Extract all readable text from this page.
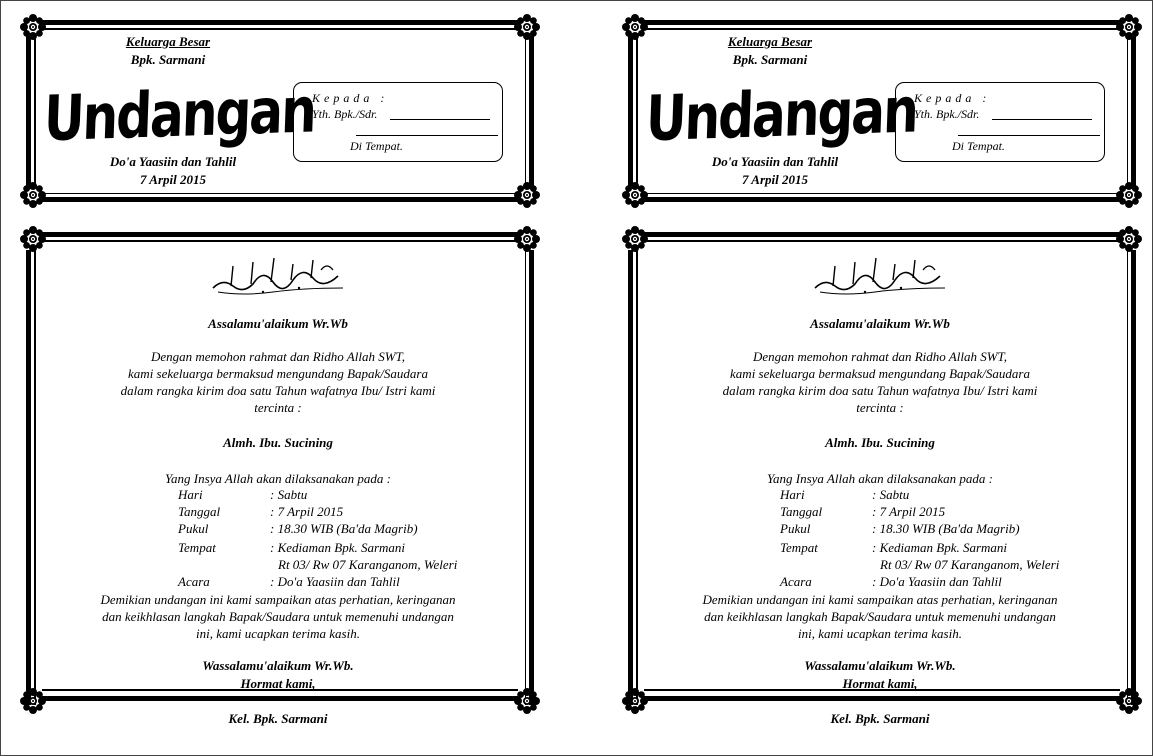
Keluarga Besar
Bpk. Sarmani
Undangan
Do'a Yaasiin dan Tahlil
7 Arpil 2015
Kepada :
Yth. Bpk./Sdr.
Di Tempat.
Assalamu'alaikum Wr.Wb
Dengan memohon rahmat dan Ridho Allah SWT,
kami sekeluarga bermaksud mengundang Bapak/Saudara
dalam rangka kirim doa satu Tahun wafatnya Ibu/ Istri kami
tercinta :
Almh. Ibu. Sucining
Yang Insya Allah akan dilaksanakan pada :
Hari	: Sabtu
Tanggal	: 7 Arpil 2015
Pukul	: 18.30 WIB (Ba'da Magrib)
Tempat	: Kediaman Bpk. Sarmani
Rt 03/ Rw 07 Karanganom, Weleri
Acara	: Do'a Yaasiin dan Tahlil
Demikian undangan ini kami sampaikan atas perhatian, keringanan
dan keikhlasan langkah Bapak/Saudara untuk memenuhi undangan
ini, kami ucapkan terima kasih.
Wassalamu'alaikum Wr.Wb.
Hormat kami,
Kel. Bpk. Sarmani
Keluarga Besar
Bpk. Sarmani
Undangan
Do'a Yaasiin dan Tahlil
7 Arpil 2015
Kepada :
Yth. Bpk./Sdr.
Di Tempat.
Assalamu'alaikum Wr.Wb
Dengan memohon rahmat dan Ridho Allah SWT,
kami sekeluarga bermaksud mengundang Bapak/Saudara
dalam rangka kirim doa satu Tahun wafatnya Ibu/ Istri kami
tercinta :
Almh. Ibu. Sucining
Yang Insya Allah akan dilaksanakan pada :
Hari	: Sabtu
Tanggal	: 7 Arpil 2015
Pukul	: 18.30 WIB (Ba'da Magrib)
Tempat	: Kediaman Bpk. Sarmani
Rt 03/ Rw 07 Karanganom, Weleri
Acara	: Do'a Yaasiin dan Tahlil
Demikian undangan ini kami sampaikan atas perhatian, keringanan
dan keikhlasan langkah Bapak/Saudara untuk memenuhi undangan
ini, kami ucapkan terima kasih.
Wassalamu'alaikum Wr.Wb.
Hormat kami,
Kel. Bpk. Sarmani
